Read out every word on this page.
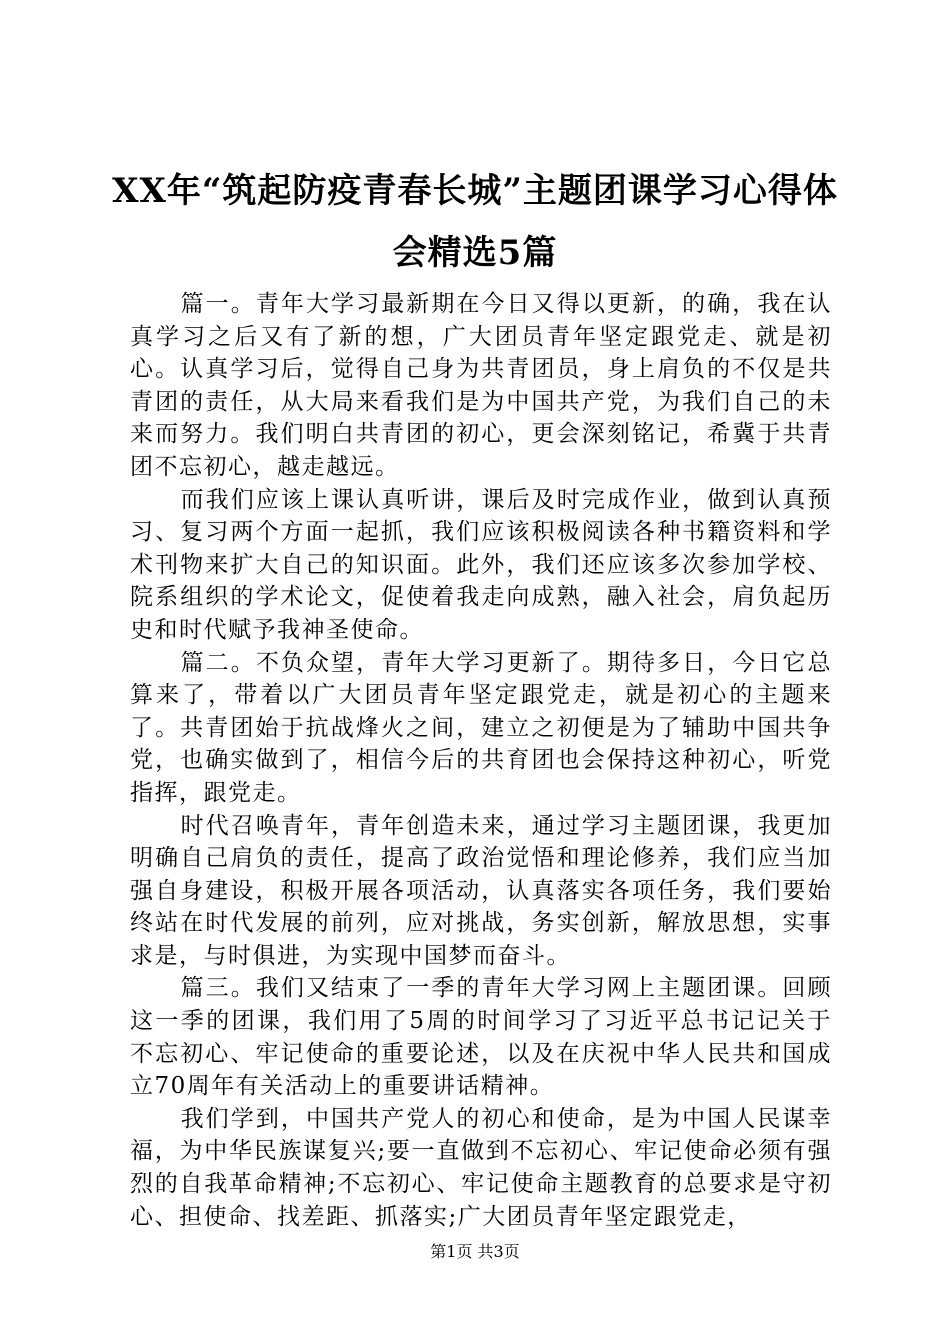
XX年“筑起防疫青春长城”主题团课学习心得体会精选5篇

篇一。青年大学习最新期在今日又得以更新，的确，我在认真学习之后又有了新的想，广大团员青年坚定跟党走、就是初心。认真学习后，觉得自己身为共青团员，身上肩负的不仅是共青团的责任，从大局来看我们是为中国共产党，为我们自己的未来而努力。我们明白共青团的初心，更会深刻铭记，希冀于共青团不忘初心，越走越远。

而我们应该上课认真听讲，课后及时完成作业，做到认真预习、复习两个方面一起抓，我们应该积极阅读各种书籍资料和学术刊物来扩大自己的知识面。此外，我们还应该多次参加学校、院系组织的学术论文，促使着我走向成熟，融入社会，肩负起历史和时代赋予我神圣使命。

篇二。不负众望，青年大学习更新了。期待多日，今日它总算来了，带着以广大团员青年坚定跟党走，就是初心的主题来了。共青团始于抗战烽火之间，建立之初便是为了辅助中国共争党，也确实做到了，相信今后的共育团也会保持这种初心，听党指挥，跟党走。

时代召唤青年，青年创造未来，通过学习主题团课，我更加明确自己肩负的责任，提高了政治觉悟和理论修养，我们应当加强自身建设，积极开展各项活动，认真落实各项任务，我们要始终站在时代发展的前列，应对挑战，务实创新，解放思想，实事求是，与时俱进，为实现中国梦而奋斗。

篇三。我们又结束了一季的青年大学习网上主题团课。回顾这一季的团课，我们用了5周的时间学习了习近平总书记记关于不忘初心、牢记使命的重要论述，以及在庆祝中华人民共和国成立70周年有关活动上的重要讲话精神。

我们学到，中国共产党人的初心和使命，是为中国人民谋幸福，为中华民族谋复兴;要一直做到不忘初心、牢记使命必须有强烈的自我革命精神;不忘初心、牢记使命主题教育的总要求是守初心、担使命、找差距、抓落实;广大团员青年坚定跟党走，

第1页 共3页
